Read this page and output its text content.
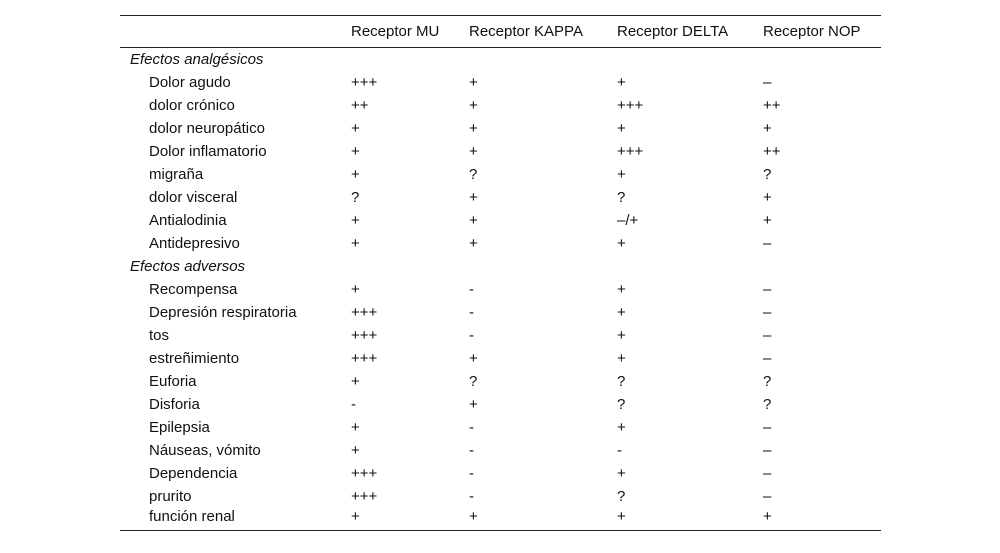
	Receptor MU	Receptor KAPPA	Receptor DELTA	Receptor NOP
Efectos analgésicos				
Dolor agudo	+++	+	+	–
dolor crónico	++	+	+++	++
dolor neuropático	+	+	+	+
Dolor inflamatorio	+	+	+++	++
migraña	+	?	+	?
dolor visceral	?	+	?	+
Antialodinia	+	+	–/+	+
Antidepresivo	+	+	+	–
Efectos adversos				
Recompensa	+	-	+	–
Depresión respiratoria	+++	-	+	–
tos	+++	-	+	–
estreñimiento	+++	+	+	–
Euforia	+	?	?	?
Disforia	-	+	?	?
Epilepsia	+	-	+	–
Náuseas, vómito	+	-	-	–
Dependencia	+++	-	+	–
prurito	+++	-	?	–
función renal	+	+	+	+
